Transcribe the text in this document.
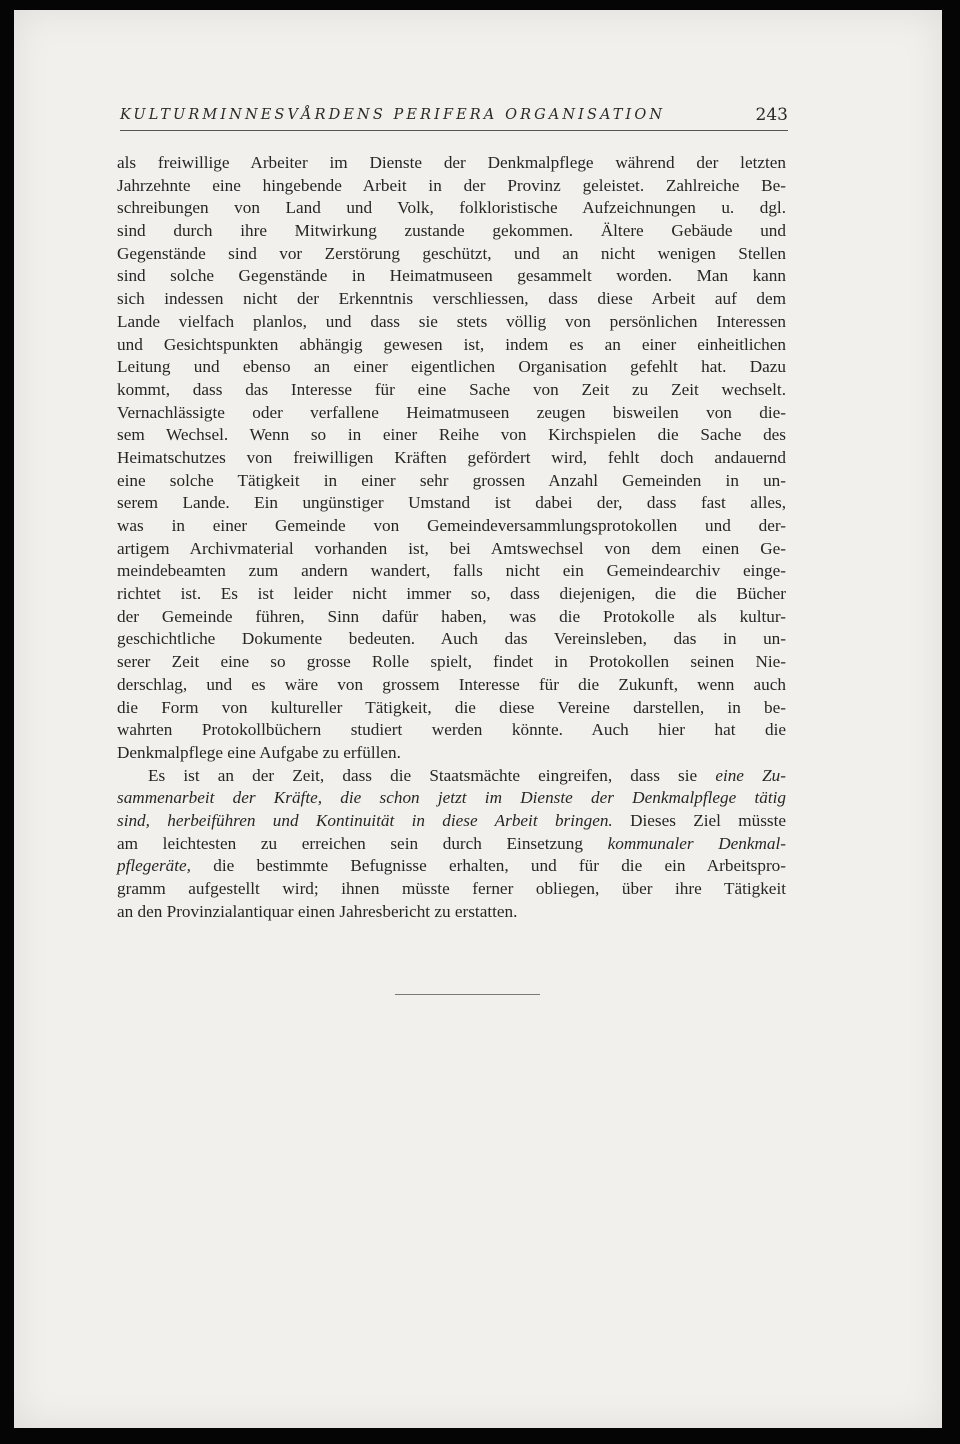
KULTURMINNESVÅRDENS PERIFERA ORGANISATION	243
als freiwillige Arbeiter im Dienste der Denkmalpflege während der letzten
Jahrzehnte eine hingebende Arbeit in der Provinz geleistet. Zahlreiche Be-
schreibungen von Land und Volk, folkloristische Aufzeichnungen u. dgl.
sind durch ihre Mitwirkung zustande gekommen. Ältere Gebäude und
Gegenstände sind vor Zerstörung geschützt, und an nicht wenigen Stellen
sind solche Gegenstände in Heimatmuseen gesammelt worden. Man kann
sich indessen nicht der Erkenntnis verschliessen, dass diese Arbeit auf dem
Lande vielfach planlos, und dass sie stets völlig von persönlichen Interessen
und Gesichtspunkten abhängig gewesen ist, indem es an einer einheitlichen
Leitung und ebenso an einer eigentlichen Organisation gefehlt hat. Dazu
kommt, dass das Interesse für eine Sache von Zeit zu Zeit wechselt.
Vernachlässigte oder verfallene Heimatmuseen zeugen bisweilen von die-
sem Wechsel. Wenn so in einer Reihe von Kirchspielen die Sache des
Heimatschutzes von freiwilligen Kräften gefördert wird, fehlt doch andauernd
eine solche Tätigkeit in einer sehr grossen Anzahl Gemeinden in un-
serem Lande. Ein ungünstiger Umstand ist dabei der, dass fast alles,
was in einer Gemeinde von Gemeindeversammlungsprotokollen und der-
artigem Archivmaterial vorhanden ist, bei Amtswechsel von dem einen Ge-
meindebeamten zum andern wandert, falls nicht ein Gemeindearchiv einge-
richtet ist. Es ist leider nicht immer so, dass diejenigen, die die Bücher
der Gemeinde führen, Sinn dafür haben, was die Protokolle als kultur-
geschichtliche Dokumente bedeuten. Auch das Vereinsleben, das in un-
serer Zeit eine so grosse Rolle spielt, findet in Protokollen seinen Nie-
derschlag, und es wäre von grossem Interesse für die Zukunft, wenn auch
die Form von kultureller Tätigkeit, die diese Vereine darstellen, in be-
wahrten Protokollbüchern studiert werden könnte. Auch hier hat die
Denkmalpflege eine Aufgabe zu erfüllen.
Es ist an der Zeit, dass die Staatsmächte eingreifen, dass sie eine Zu-
sammenarbeit der Kräfte, die schon jetzt im Dienste der Denkmalpflege tätig
sind, herbeiführen und Kontinuität in diese Arbeit bringen. Dieses Ziel müsste
am leichtesten zu erreichen sein durch Einsetzung kommunaler Denkmal-
pflegeräte, die bestimmte Befugnisse erhalten, und für die ein Arbeitspro-
gramm aufgestellt wird; ihnen müsste ferner obliegen, über ihre Tätigkeit
an den Provinzialantiquar einen Jahresbericht zu erstatten.
